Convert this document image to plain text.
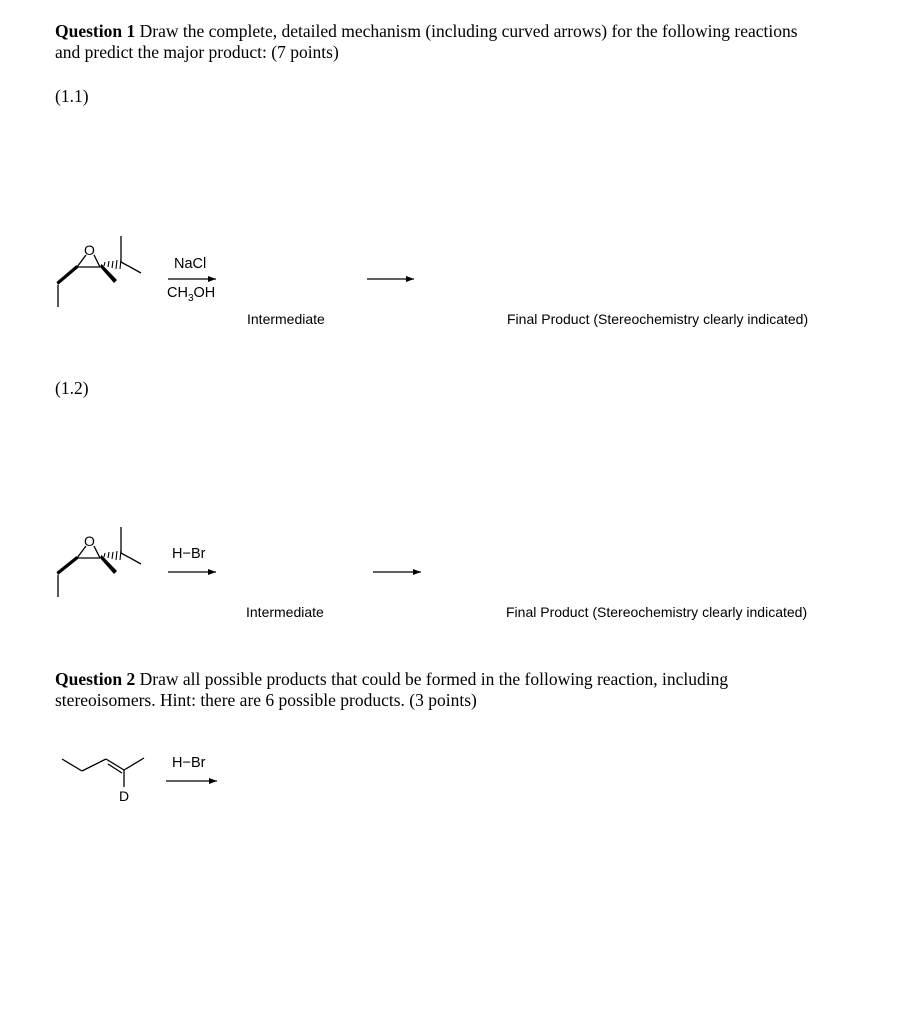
Question 1 Draw the complete, detailed mechanism (including curved arrows) for the following reactions
and predict the major product: (7 points)
(1.1)
O
NaCl
$CH_3OH$
Intermediate	Final Product (Stereochemistry clearly indicated)
(1.2)
O
H−Br
Intermediate	Final Product (Stereochemistry clearly indicated)
Question 2 Draw all possible products that could be formed in the following reaction, including
stereoisomers. Hint: there are 6 possible products. (3 points)
D
H−Br
